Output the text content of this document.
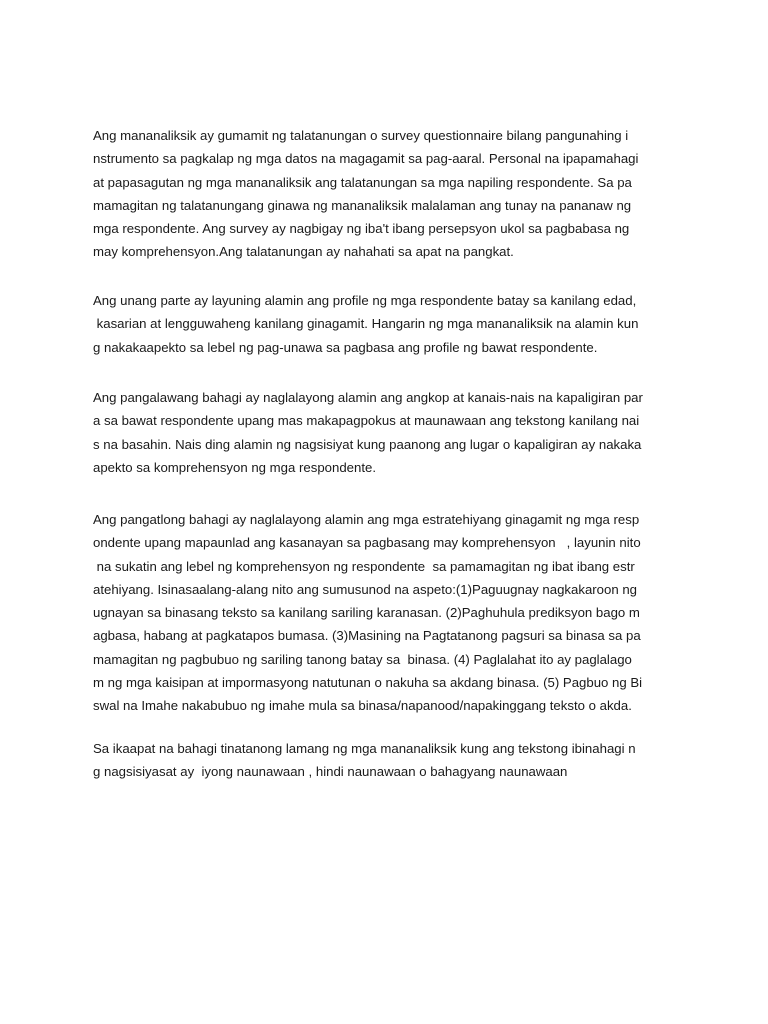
Ang mananaliksik ay gumamit ng talatanungan o survey questionnaire bilang pangunahing i
nstrumento sa pagkalap ng mga datos na magagamit sa pag-aaral. Personal na ipapamahagi
at papasagutan ng mga mananaliksik ang talatanungan sa mga napiling respondente. Sa pa
mamagitan ng talatanungang ginawa ng mananaliksik malalaman ang tunay na pananaw ng
mga respondente. Ang survey ay nagbigay ng iba't ibang persepsyon ukol sa pagbabasa ng
may komprehensyon.Ang talatanungan ay nahahati sa apat na pangkat.

Ang unang parte ay layuning alamin ang profile ng mga respondente batay sa kanilang edad,
kasarian at lengguwaheng kanilang ginagamit. Hangarin ng mga mananaliksik na alamin kun
g nakakaapekto sa lebel ng pag-unawa sa pagbasa ang profile ng bawat respondente.

Ang pangalawang bahagi ay naglalayong alamin ang angkop at kanais-nais na kapaligiran par
a sa bawat respondente upang mas makapagpokus at maunawaan ang tekstong kanilang nai
s na basahin. Nais ding alamin ng nagsisiyat kung paanong ang lugar o kapaligiran ay nakaka
apekto sa komprehensyon ng mga respondente.

Ang pangatlong bahagi ay naglalayong alamin ang mga estratehiyang ginagamit ng mga resp
ondente upang mapaunlad ang kasanayan sa pagbasang may komprehensyon   , layunin nito
na sukatin ang lebel ng komprehensyon ng respondente  sa pamamagitan ng ibat ibang estr
atehiyang. Isinasaalang-alang nito ang sumusunod na aspeto:(1)Paguugnay nagkakaroon ng
ugnayan sa binasang teksto sa kanilang sariling karanasan. (2)Paghuhula prediksyon bago m
agbasa, habang at pagkatapos bumasa. (3)Masining na Pagtatanong pagsuri sa binasa sa pa
mamagitan ng pagbubuo ng sariling tanong batay sa  binasa. (4) Paglalahat ito ay paglalago
m ng mga kaisipan at impormasyong natutunan o nakuha sa akdang binasa. (5) Pagbuo ng Bi
swal na Imahe nakabubuo ng imahe mula sa binasa/napanood/napakinggang teksto o akda.

Sa ikaapat na bahagi tinatanong lamang ng mga mananaliksik kung ang tekstong ibinahagi n
g nagsisiyasat ay  iyong naunawaan , hindi naunawaan o bahagyang naunawaan
